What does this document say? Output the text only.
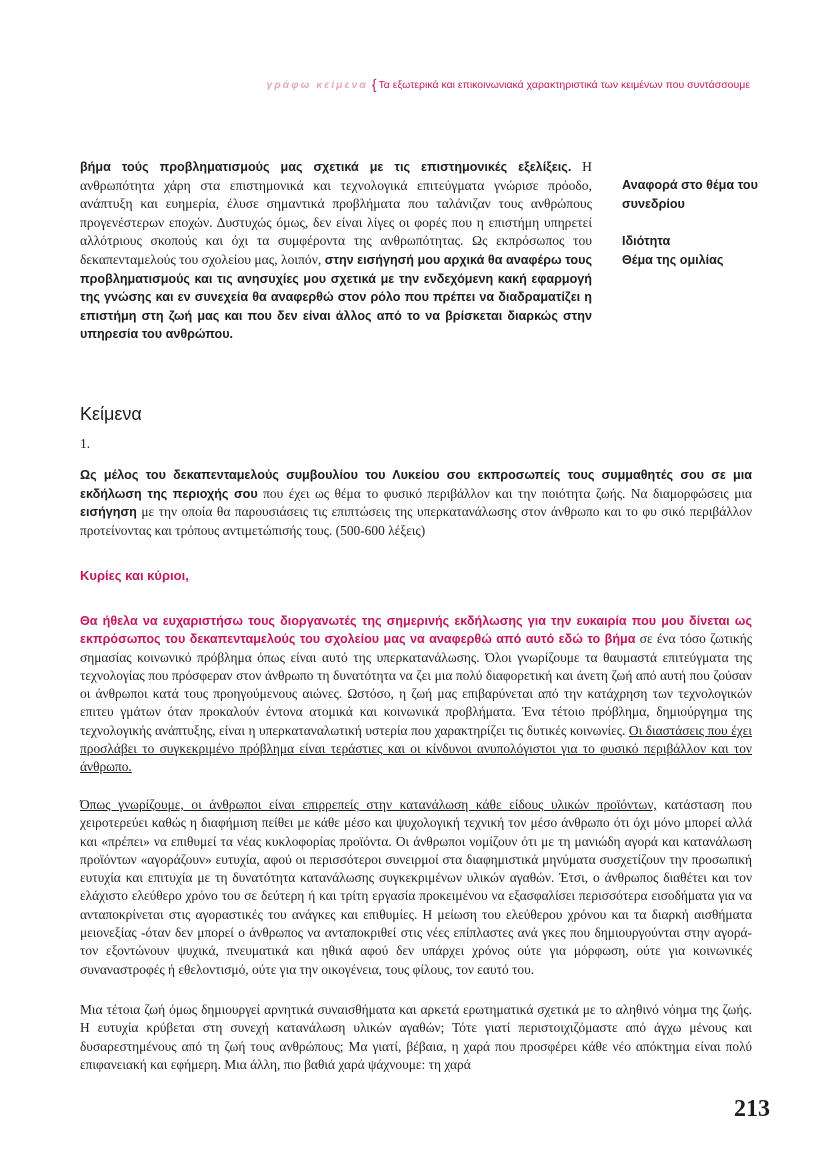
γράφω κείμενα { Τα εξωτερικά και επικοινωνιακά χαρακτηριστικά των κειμένων που συντάσσουμε
βήμα τούς προβληματισμούς μας σχετικά με τις επιστημονικές εξελίξεις. Η ανθρωπότητα χάρη στα επιστημονικά και τεχνολογικά επιτεύγματα γνώρισε πρόοδο, ανάπτυξη και ευημερία, έλυσε σημαντικά προβλήματα που ταλάνιζαν τους ανθρώπους προγενέστερων εποχών. Δυστυχώς όμως, δεν είναι λίγες οι φορές που η επιστήμη υπηρετεί αλλότριους σκοπούς και όχι τα συμφέροντα της ανθρωπότητας. Ως εκπρόσωπος του δεκαπενταμελούς του σχολείου μας, λοιπόν, στην εισήγησή μου αρχικά θα αναφέρω τους προβληματισμούς και τις ανησυχίες μου σχετικά με την ενδεχόμενη κακή εφαρμογή της γνώσης και εν συνεχεία θα αναφερθώ στον ρόλο που πρέπει να διαδραματίζει η επιστήμη στη ζωή μας και που δεν είναι άλλος από το να βρίσκεται διαρκώς στην υπηρεσία του ανθρώπου.
Αναφορά στο θέμα του συνεδρίου
Ιδιότητα
Θέμα της ομιλίας
Κείμενα
1.
Ως μέλος του δεκαπενταμελούς συμβουλίου του Λυκείου σου εκπροσωπείς τους συμμαθητές σου σε μια εκδήλωση της περιοχής σου που έχει ως θέμα το φυσικό περιβάλλον και την ποιότητα ζωής. Να διαμορφώσεις μια εισήγηση με την οποία θα παρουσιάσεις τις επιπτώσεις της υπερκατανάλωσης στον άνθρωπο και το φυ σικό περιβάλλον προτείνοντας και τρόπους αντιμετώπισής τους. (500-600 λέξεις)
Κυρίες και κύριοι,
Θα ήθελα να ευχαριστήσω τους διοργανωτές της σημερινής εκδήλωσης για την ευκαιρία που μου δίνεται ως εκπρόσωπος του δεκαπενταμελούς του σχολείου μας να αναφερθώ από αυτό εδώ το βήμα σε ένα τόσο ζωτικής σημασίας κοινωνικό πρόβλημα όπως είναι αυτό της υπερκατανάλωσης. Όλοι γνωρίζουμε τα θαυμαστά επιτεύγματα της τεχνολογίας που πρόσφεραν στον άνθρωπο τη δυνατότητα να ζει μια πολύ διαφορετική και άνετη ζωή από αυτή που ζούσαν οι άνθρωποι κατά τους προηγούμενους αιώνες. Ωστόσο, η ζωή μας επιβαρύνεται από την κατάχρηση των τεχνολογικών επιτευ γμάτων όταν προκαλούν έντονα ατομικά και κοινωνικά προβλήματα. Ένα τέτοιο πρόβλημα, δημιούργημα της τεχνολογικής ανάπτυξης, είναι η υπερκαταναλωτική υστερία που χαρακτηρίζει τις δυτικές κοινωνίες. Οι διαστάσεις που έχει προσλάβει το συγκεκριμένο πρόβλημα είναι τεράστιες και οι κίνδυνοι ανυπολόγιστοι για το φυσικό περιβάλλον και τον άνθρωπο.
Όπως γνωρίζουμε, οι άνθρωποι είναι επιρρεπείς στην κατανάλωση κάθε είδους υλικών προϊόντων, κατάσταση που χειροτερεύει καθώς η διαφήμιση πείθει με κάθε μέσο και ψυχολογική τεχνική τον μέσο άνθρωπο ότι όχι μόνο μπορεί αλλά και «πρέπει» να επιθυμεί τα νέας κυκλοφορίας προϊόντα. Οι άνθρωποι νομίζουν ότι με τη μανιώδη αγορά και κατανάλωση προϊόντων «αγοράζουν» ευτυχία, αφού οι περισσότεροι συνειρμοί στα διαφημιστικά μηνύματα συσχετίζουν την προσωπική ευτυχία και επιτυχία με τη δυνατότητα κατανάλωσης συγκεκριμένων υλικών αγαθών. Έτσι, ο άνθρωπος διαθέτει και τον ελάχιστο ελεύθερο χρόνο του σε δεύτερη ή και τρίτη εργασία προκειμένου να εξασφαλίσει περισσότερα εισοδήματα για να ανταποκρίνεται στις αγοραστικές του ανάγκες και επιθυμίες. Η μείωση του ελεύθερου χρόνου και τα διαρκή αισθήματα μειονεξίας -όταν δεν μπορεί ο άνθρωπος να ανταποκριθεί στις νέες επίπλαστες ανά γκες που δημιουργούνται στην αγορά- τον εξοντώνουν ψυχικά, πνευματικά και ηθικά αφού δεν υπάρχει χρόνος ούτε για μόρφωση, ούτε για κοινωνικές συναναστροφές ή εθελοντισμό, ούτε για την οικογένεια, τους φίλους, τον εαυτό του.
Μια τέτοια ζωή όμως δημιουργεί αρνητικά συναισθήματα και αρκετά ερωτηματικά σχετικά με το αληθινό νόημα της ζωής. Η ευτυχία κρύβεται στη συνεχή κατανάλωση υλικών αγαθών; Τότε γιατί περιστοιχιζόμαστε από άγχω μένους και δυσαρεστημένους από τη ζωή τους ανθρώπους; Μα γιατί, βέβαια, η χαρά που προσφέρει κάθε νέο απόκτημα είναι πολύ επιφανειακή και εφήμερη. Μια άλλη, πιο βαθιά χαρά ψάχνουμε: τη χαρά
213
